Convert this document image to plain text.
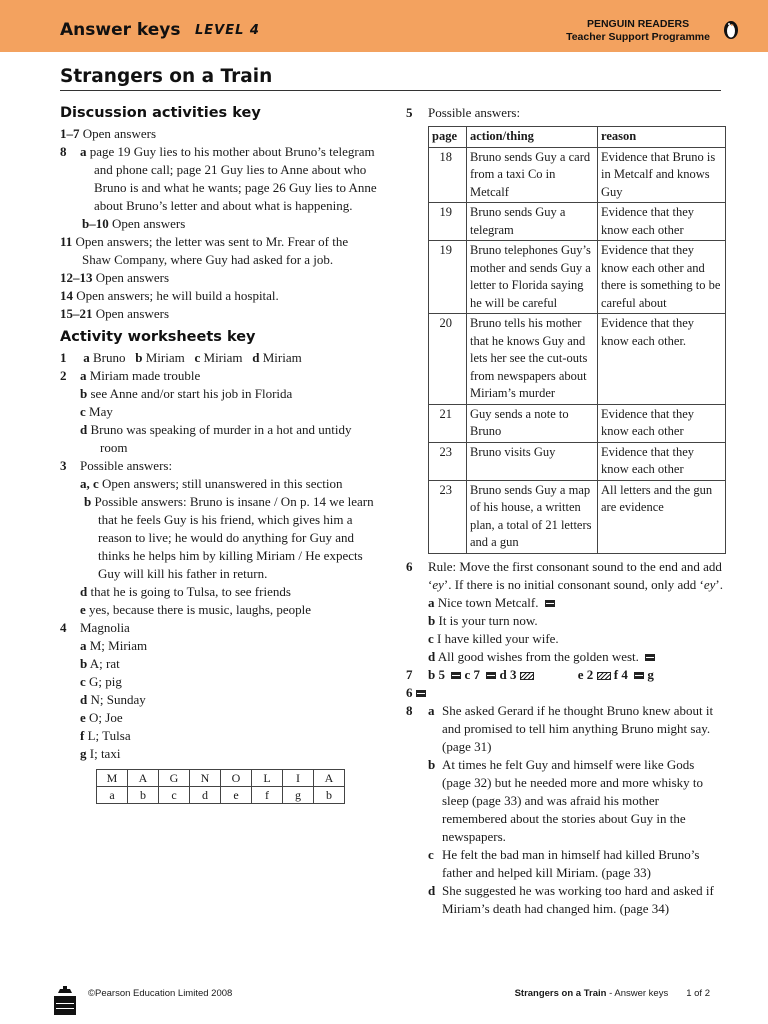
Answer keys LEVEL 4	PENGUIN READERS
Teacher Support Programme
Strangers on a Train
Discussion activities key
1–7 Open answers
8 a page 19 Guy lies to his mother about Bruno’s telegram and phone call; page 21 Guy lies to Anne about who Bruno is and what he wants; page 26 Guy lies to Anne about Bruno’s letter and about what is happening.
b–10 Open answers
11 Open answers; the letter was sent to Mr. Frear of the Shaw Company, where Guy had asked for a job.
12–13 Open answers
14 Open answers; he will build a hospital.
15–21 Open answers
Activity worksheets key
1 a Bruno b Miriam c Miriam d Miriam
2 a Miriam made trouble
b see Anne and/or start his job in Florida
c May
d Bruno was speaking of murder in a hot and untidy room
3 Possible answers:
a, c Open answers; still unanswered in this section
b Possible answers: Bruno is insane / On p. 14 we learn that he feels Guy is his friend, which gives him a reason to live; he would do anything for Guy and thinks he helps him by killing Miriam / He expects Guy will kill his father in return.
d that he is going to Tulsa, to see friends
e yes, because there is music, laughs, people
4 Magnolia
a M; Miriam
b A; rat
c G; pig
d N; Sunday
e O; Joe
f L; Tulsa
g I; taxi
M	A	G	N	O	L	I	A
a	b	c	d	e	f	g	b
5 Possible answers:
page	action/thing	reason
18	Bruno sends Guy a card from a taxi Co in Metcalf	Evidence that Bruno is in Metcalf and knows Guy
19	Bruno sends Guy a telegram	Evidence that they know each other
19	Bruno telephones Guy’s mother and sends Guy a letter to Florida saying he will be careful	Evidence that they know each other and there is something to be careful about
20	Bruno tells his mother that he knows Guy and lets her see the cut-outs from newspapers about Miriam’s murder	Evidence that they know each other.
21	Guy sends a note to Bruno	Evidence that they know each other
23	Bruno visits Guy	Evidence that they know each other
23	Bruno sends Guy a map of his house, a written plan, a total of 21 letters and a gun	All letters and the gun are evidence
6 Rule: Move the first consonant sound to the end and add ‘ey’. If there is no initial consonant sound, only add ‘ey’.
a Nice town Metcalf.
b It is your turn now.
c I have killed your wife.
d All good wishes from the golden west.
7 b 5 c 7 d 3	e 2 f 4 g
6
8 a She asked Gerard if he thought Bruno knew about it and promised to tell him anything Bruno might say. (page 31)
b At times he felt Guy and himself were like Gods (page 32) but he needed more and more whisky to sleep (page 33) and was afraid his mother remembered about the stories about Guy in the newspapers.
c He felt the bad man in himself had killed Bruno’s father and helped kill Miriam. (page 33)
d She suggested he was working too hard and asked if Miriam’s death had changed him. (page 34)
©Pearson Education Limited 2008	Strangers on a Train - Answer keys 1 of 2
